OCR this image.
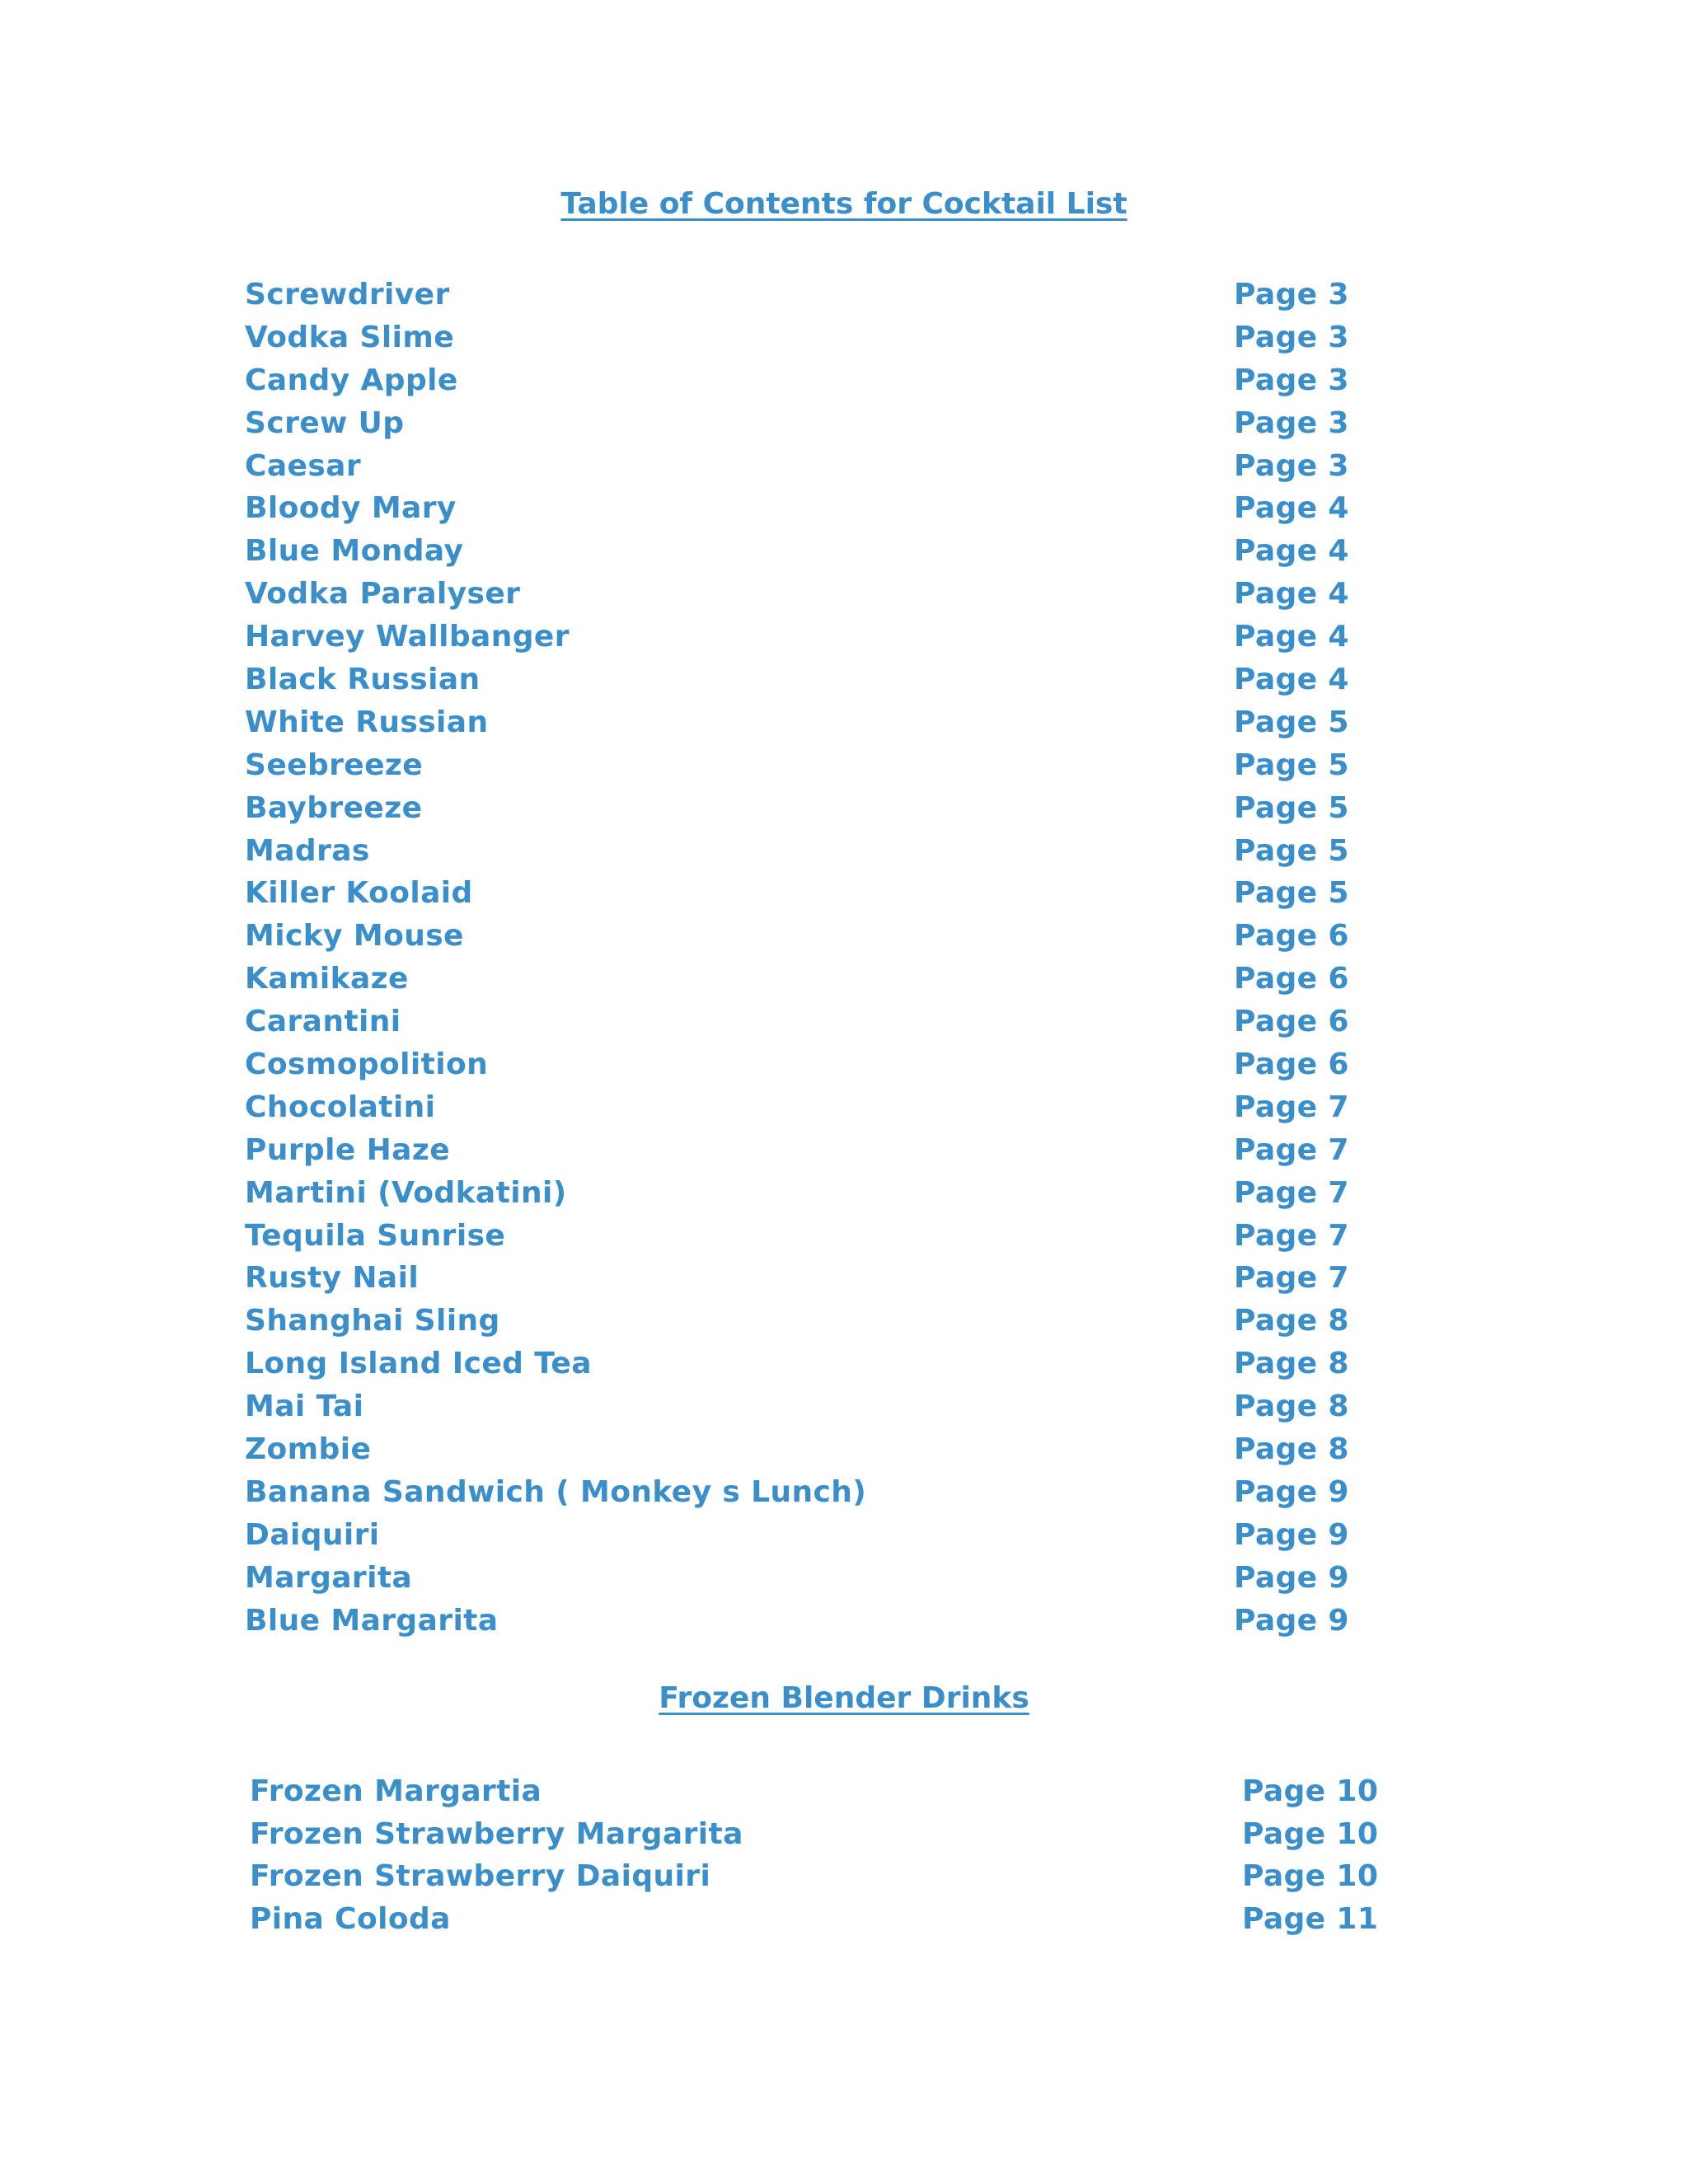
Table of Contents for Cocktail List
Screwdriver	Page 3
Vodka Slime	Page 3
Candy Apple	Page 3
Screw Up	Page 3
Caesar	Page 3
Bloody Mary	Page 4
Blue Monday	Page 4
Vodka Paralyser	Page 4
Harvey Wallbanger	Page 4
Black Russian	Page 4
White Russian	Page 5
Seebreeze	Page 5
Baybreeze	Page 5
Madras	Page 5
Killer Koolaid	Page 5
Micky Mouse	Page 6
Kamikaze	Page 6
Carantini	Page 6
Cosmopolition	Page 6
Chocolatini	Page 7
Purple Haze	Page 7
Martini (Vodkatini)	Page 7
Tequila Sunrise	Page 7
Rusty Nail	Page 7
Shanghai Sling	Page 8
Long Island Iced Tea	Page 8
Mai Tai	Page 8
Zombie	Page 8
Banana Sandwich ( Monkey s Lunch)	Page 9
Daiquiri	Page 9
Margarita	Page 9
Blue Margarita	Page 9
Frozen Blender Drinks
Frozen Margartia	Page 10
Frozen Strawberry Margarita	Page 10
Frozen Strawberry Daiquiri	Page 10
Pina Coloda	Page 11
